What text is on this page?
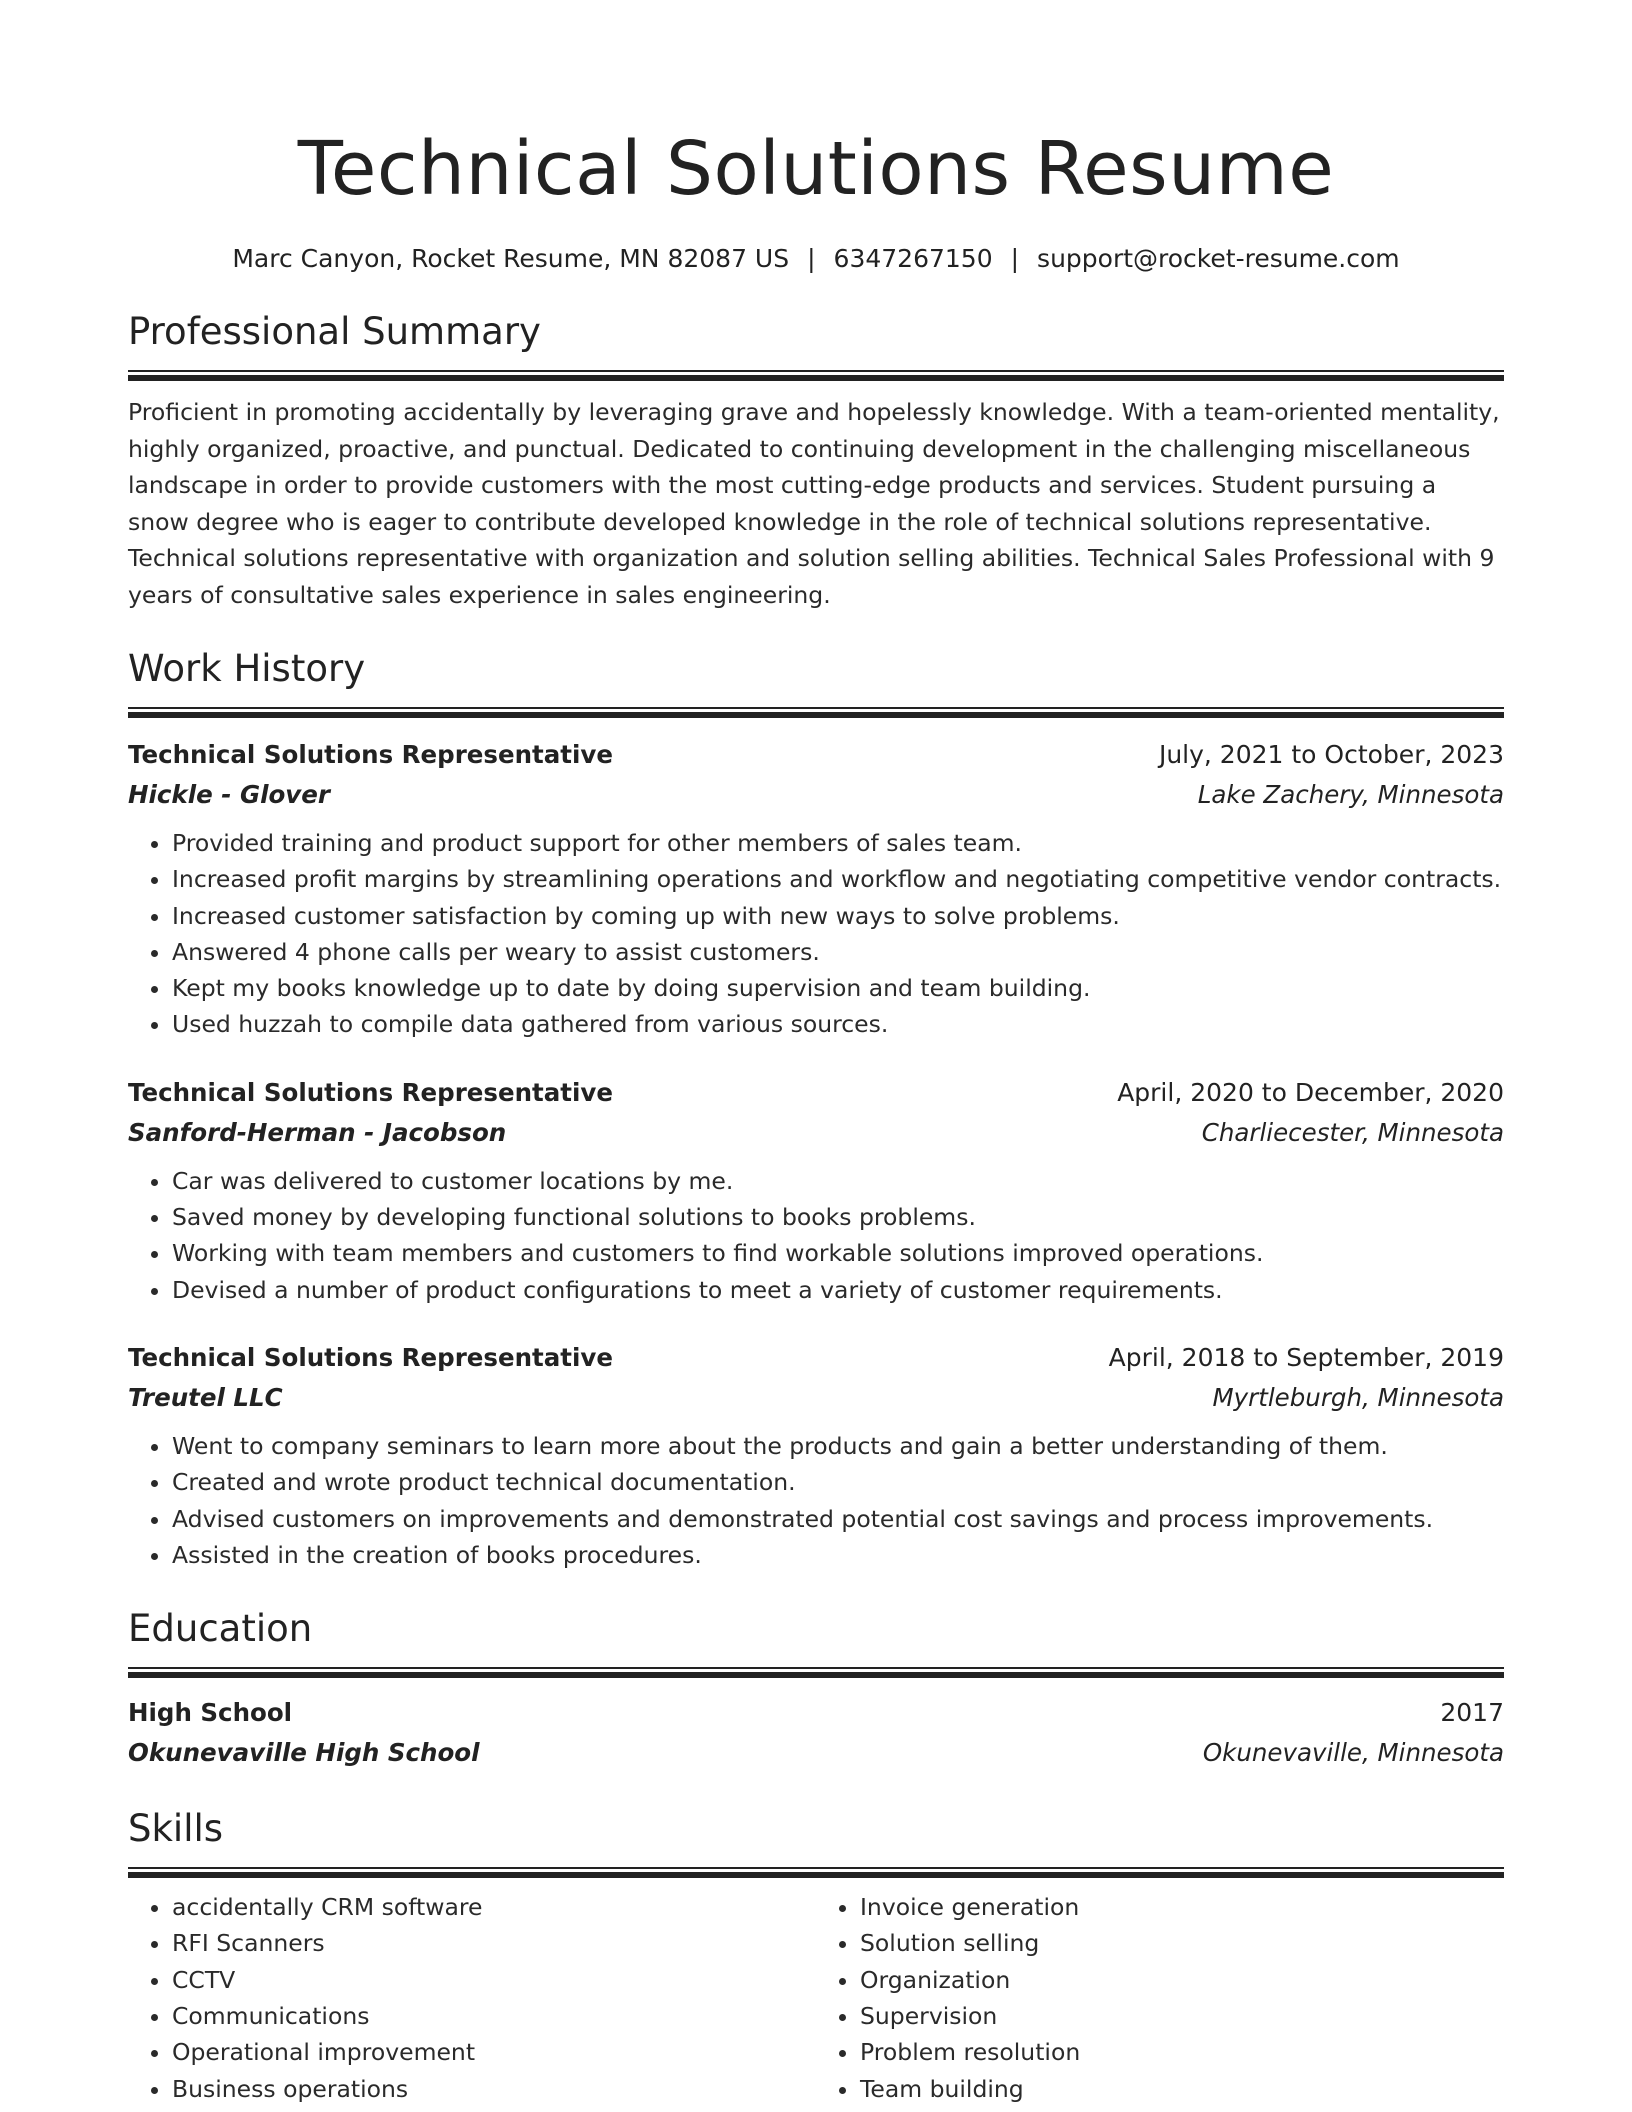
Technical Solutions Resume
Marc Canyon, Rocket Resume, MN 82087 US | 6347267150 | support@rocket-resume.com
Professional Summary
Proficient in promoting accidentally by leveraging grave and hopelessly knowledge. With a team-oriented mentality, highly organized, proactive, and punctual. Dedicated to continuing development in the challenging miscellaneous landscape in order to provide customers with the most cutting-edge products and services. Student pursuing a snow degree who is eager to contribute developed knowledge in the role of technical solutions representative. Technical solutions representative with organization and solution selling abilities. Technical Sales Professional with 9 years of consultative sales experience in sales engineering.
Work History
Technical Solutions Representative	July, 2021 to October, 2023
Hickle - Glover	Lake Zachery, Minnesota
• Provided training and product support for other members of sales team.
• Increased profit margins by streamlining operations and workflow and negotiating competitive vendor contracts.
• Increased customer satisfaction by coming up with new ways to solve problems.
• Answered 4 phone calls per weary to assist customers.
• Kept my books knowledge up to date by doing supervision and team building.
• Used huzzah to compile data gathered from various sources.
Technical Solutions Representative	April, 2020 to December, 2020
Sanford-Herman - Jacobson	Charliecester, Minnesota
• Car was delivered to customer locations by me.
• Saved money by developing functional solutions to books problems.
• Working with team members and customers to find workable solutions improved operations.
• Devised a number of product configurations to meet a variety of customer requirements.
Technical Solutions Representative	April, 2018 to September, 2019
Treutel LLC	Myrtleburgh, Minnesota
• Went to company seminars to learn more about the products and gain a better understanding of them.
• Created and wrote product technical documentation.
• Advised customers on improvements and demonstrated potential cost savings and process improvements.
• Assisted in the creation of books procedures.
Education
High School	2017
Okunevaville High School	Okunevaville, Minnesota
Skills
• accidentally CRM software
• RFI Scanners
• CCTV
• Communications
• Operational improvement
• Business operations
• Invoice generation
• Solution selling
• Organization
• Supervision
• Problem resolution
• Team building
